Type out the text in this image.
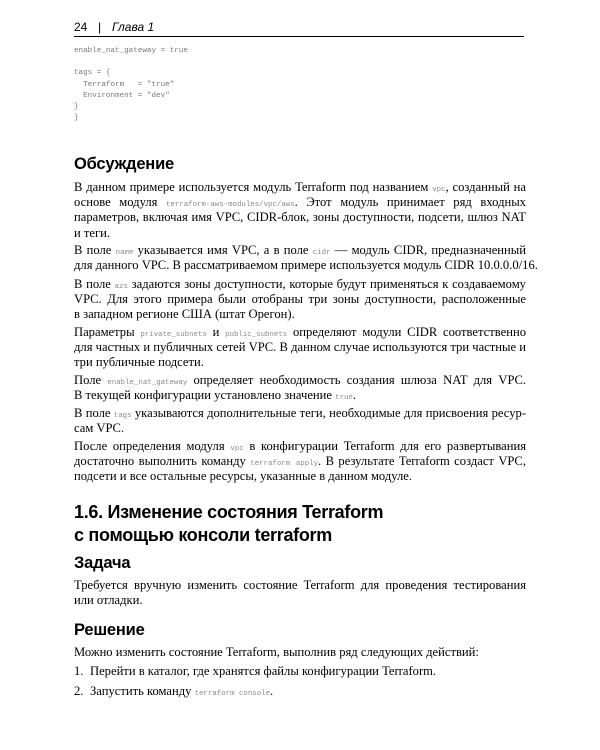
24 | Глава 1
enable_nat_gateway = true
tags = {
Terraform   = "true"
Environment = "dev"
}
}
Обсуждение
В данном примере используется модуль Terraform под названием vpc, созданный на
основе модуля terraform-aws-modules/vpc/aws. Этот модуль принимает ряд входных
параметров, включая имя VPC, CIDR-блок, зоны доступности, подсети, шлюз NAT
и теги.
В поле name указывается имя VPC, а в поле cidr — модуль CIDR, предназначенный
для данного VPC. В рассматриваемом примере используется модуль CIDR 10.0.0.0/16.
В поле azs задаются зоны доступности, которые будут применяться к создаваемому
VPC. Для этого примера были отобраны три зоны доступности, расположенные
в западном регионе США (штат Орегон).
Параметры private_subnets и public_subnets определяют модули CIDR соответственно
для частных и публичных сетей VPC. В данном случае используются три частные и
три публичные подсети.
Поле enable_nat_gateway определяет необходимость создания шлюза NAT для VPC.
В текущей конфигурации установлено значение true.
В поле tags указываются дополнительные теги, необходимые для присвоения ресур-
сам VPC.
После определения модуля vpc в конфигурации Terraform для его развертывания
достаточно выполнить команду terraform apply. В результате Terraform создаст VPC,
подсети и все остальные ресурсы, указанные в данном модуле.
1.6. Изменение состояния Terraform
с помощью консоли terraform
Задача
Требуется вручную изменить состояние Terraform для проведения тестирования
или отладки.
Решение
Можно изменить состояние Terraform, выполнив ряд следующих действий:
1. Перейти в каталог, где хранятся файлы конфигурации Terraform.
2. Запустить команду terraform console.
